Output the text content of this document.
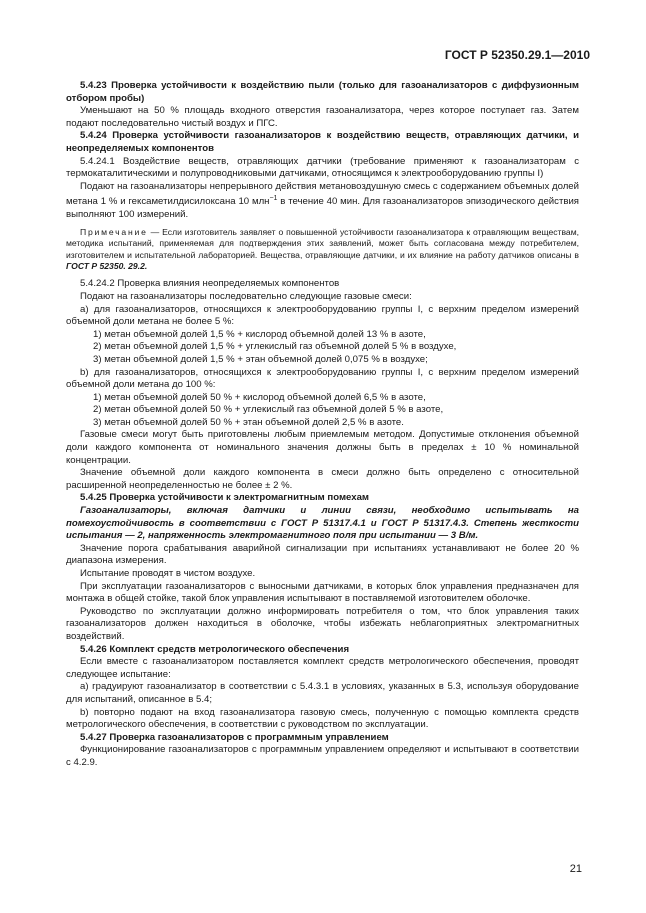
ГОСТ Р 52350.29.1—2010

5.4.23 Проверка устойчивости к воздействию пыли (только для газоанализаторов с диффузионным отбором пробы)

Уменьшают на 50 % площадь входного отверстия газоанализатора, через которое поступает газ. Затем подают последовательно чистый воздух и ПГС.

5.4.24 Проверка устойчивости газоанализаторов к воздействию веществ, отравляющих датчики, и неопределяемых компонентов

5.4.24.1 Воздействие веществ, отравляющих датчики (требование применяют к газоанализаторам с термокаталитическими и полупроводниковыми датчиками, относящимся к электрооборудованию группы I)

Подают на газоанализаторы непрерывного действия метановоздушную смесь с содержанием объемных долей метана 1 % и гексаметилдисилоксана 10 млн$^{-1}$ в течение 40 мин. Для газоанализаторов эпизодического действия выполняют 100 измерений.

Примечание — Если изготовитель заявляет о повышенной устойчивости газоанализатора к отравляющим веществам, методика испытаний, применяемая для подтверждения этих заявлений, может быть согласована между потребителем, изготовителем и испытательной лабораторией. Вещества, отравляющие датчики, и их влияние на работу датчиков описаны в ГОСТ Р 52350. 29.2.

5.4.24.2 Проверка влияния неопределяемых компонентов

Подают на газоанализаторы последовательно следующие газовые смеси:

а) для газоанализаторов, относящихся к электрооборудованию группы I, с верхним пределом измерений объемной доли метана не более 5 %:

1) метан объемной долей 1,5 % + кислород объемной долей 13 % в азоте,

2) метан объемной долей 1,5 % + углекислый газ объемной долей 5 % в воздухе,

3) метан объемной долей 1,5 % + этан объемной долей 0,075 % в воздухе;

b) для газоанализаторов, относящихся к электрооборудованию группы I, с верхним пределом измерений объемной доли метана до 100 %:

1) метан объемной долей 50 % + кислород объемной долей 6,5 % в азоте,

2) метан объемной долей 50 % + углекислый газ объемной долей 5 % в азоте,

3) метан объемной долей 50 % + этан объемной долей 2,5 % в азоте.

Газовые смеси могут быть приготовлены любым приемлемым методом. Допустимые отклонения объемной доли каждого компонента от номинального значения должны быть в пределах ± 10 % номинальной концентрации.

Значение объемной доли каждого компонента в смеси должно быть определено с относительной расширенной неопределенностью не более ± 2 %.

5.4.25 Проверка устойчивости к электромагнитным помехам

Газоанализаторы, включая датчики и линии связи, необходимо испытывать на помехоустойчивость в соответствии с ГОСТ Р 51317.4.1 и ГОСТ Р 51317.4.3. Степень жесткости испытания — 2, напряженность электромагнитного поля при испытании — 3 В/м.

Значение порога срабатывания аварийной сигнализации при испытаниях устанавливают не более 20 % диапазона измерения.

Испытание проводят в чистом воздухе.

При эксплуатации газоанализаторов с выносными датчиками, в которых блок управления предназначен для монтажа в общей стойке, такой блок управления испытывают в поставляемой изготовителем оболочке.

Руководство по эксплуатации должно информировать потребителя о том, что блок управления таких газоанализаторов должен находиться в оболочке, чтобы избежать неблагоприятных электромагнитных воздействий.

5.4.26 Комплект средств метрологического обеспечения

Если вместе с газоанализатором поставляется комплект средств метрологического обеспечения, проводят следующее испытание:

а) градуируют газоанализатор в соответствии с 5.4.3.1 в условиях, указанных в 5.3, используя оборудование для испытаний, описанное в 5.4;

b) повторно подают на вход газоанализатора газовую смесь, полученную с помощью комплекта средств метрологического обеспечения, в соответствии с руководством по эксплуатации.

5.4.27 Проверка газоанализаторов с программным управлением

Функционирование газоанализаторов с программным управлением определяют и испытывают в соответствии с 4.2.9.

21
